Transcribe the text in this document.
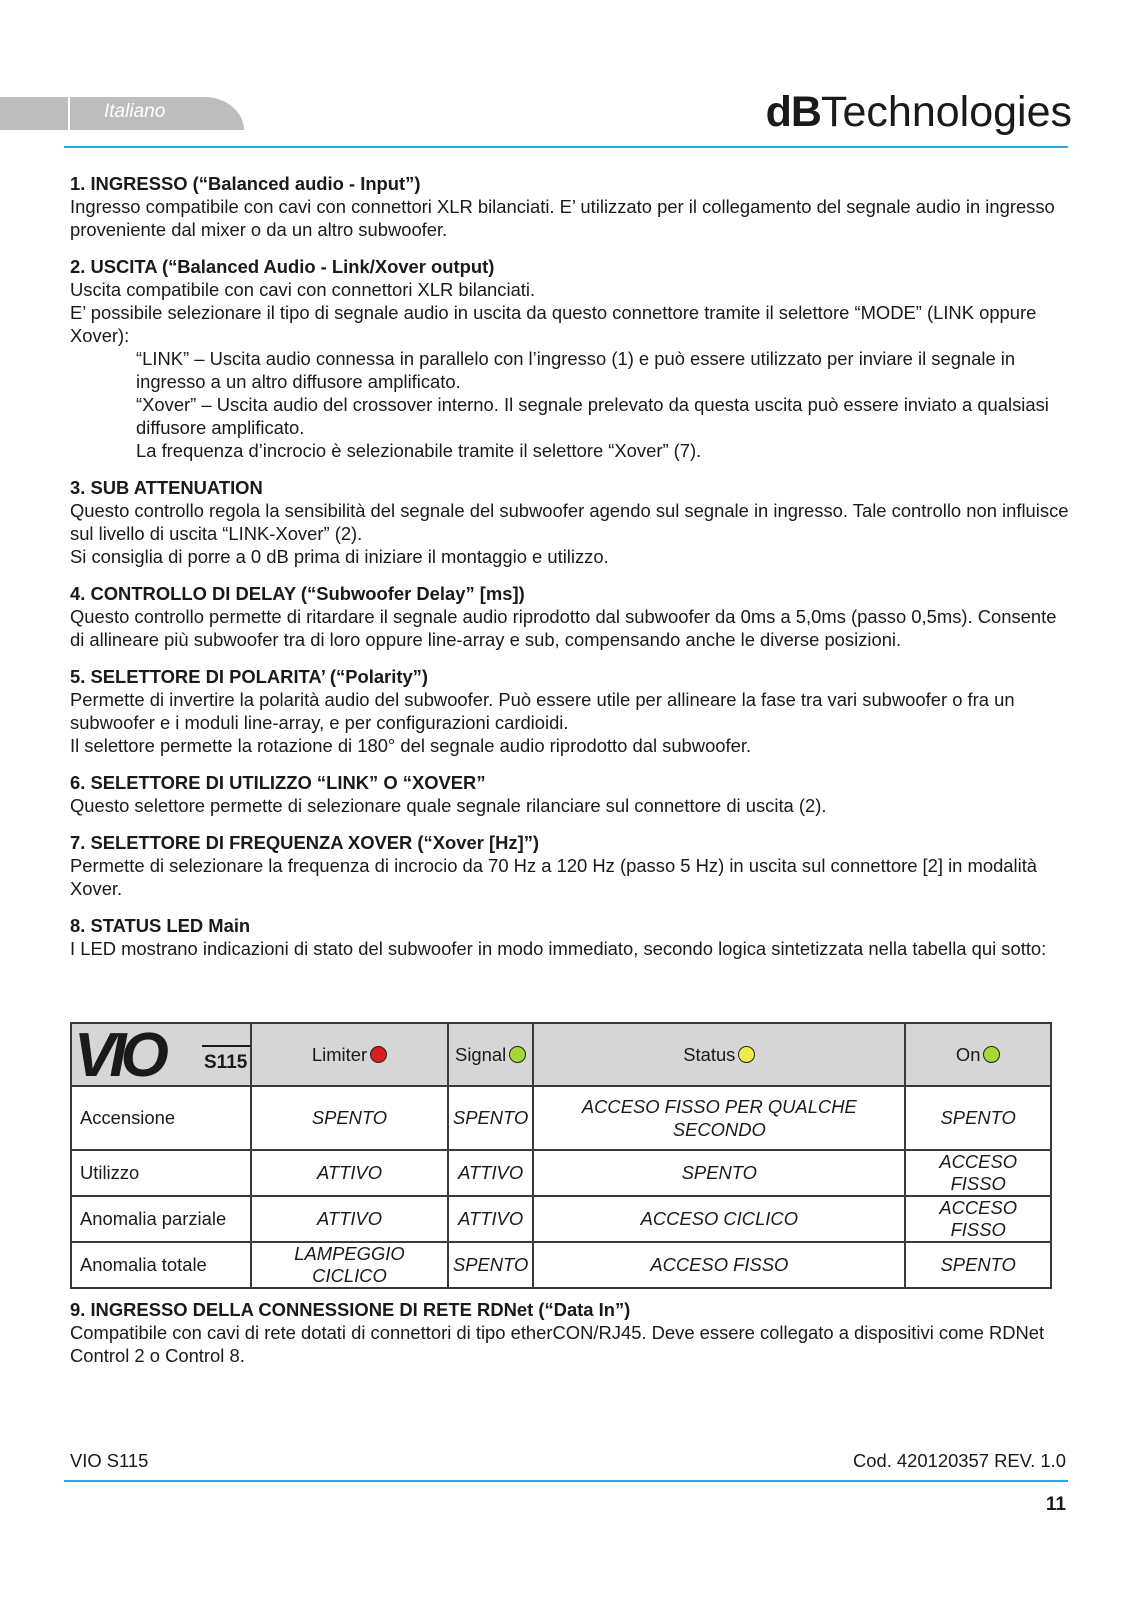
Italiano	dBTechnologies
1. INGRESSO (“Balanced audio - Input”)

Ingresso compatibile con cavi con connettori XLR bilanciati. E’ utilizzato per il collegamento del segnale audio in ingresso proveniente dal mixer o da un altro subwoofer.

2. USCITA (“Balanced Audio - Link/Xover output)

Uscita compatibile con cavi con connettori XLR bilanciati.

E’ possibile selezionare il tipo di segnale audio in uscita da questo connettore tramite il selettore “MODE” (LINK oppure Xover):

“LINK” – Uscita audio connessa in parallelo con l’ingresso (1) e può essere utilizzato per inviare il segnale in ingresso a un altro diffusore amplificato.

“Xover” – Uscita audio del crossover interno. Il segnale prelevato da questa uscita può essere inviato a qualsiasi diffusore amplificato.

La frequenza d’incrocio è selezionabile tramite il selettore “Xover” (7).

3. SUB ATTENUATION

Questo controllo regola la sensibilità del segnale del subwoofer agendo sul segnale in ingresso. Tale controllo non influisce sul livello di uscita “LINK-Xover” (2).

Si consiglia di porre a 0 dB prima di iniziare il montaggio e utilizzo.

4. CONTROLLO DI DELAY (“Subwoofer Delay” [ms])

Questo controllo permette di ritardare il segnale audio riprodotto dal subwoofer da 0ms a 5,0ms (passo 0,5ms). Consente di allineare più subwoofer tra di loro oppure line-array e sub, compensando anche le diverse posizioni.

5. SELETTORE DI POLARITA’ (“Polarity”)

Permette di invertire la polarità audio del subwoofer. Può essere utile per allineare la fase tra vari subwoofer o fra un subwoofer e i moduli line-array, e per configurazioni cardioidi.

Il selettore permette la rotazione di 180° del segnale audio riprodotto dal subwoofer.

6. SELETTORE DI UTILIZZO “LINK” O “XOVER”

Questo selettore permette di selezionare quale segnale rilanciare sul connettore di uscita (2).

7. SELETTORE DI FREQUENZA XOVER (“Xover [Hz]”)

Permette di selezionare la frequenza di incrocio da 70 Hz a 120 Hz (passo 5 Hz) in uscita sul connettore [2] in modalità Xover.

8. STATUS LED Main

I LED mostrano indicazioni di stato del subwoofer in modo immediato, secondo logica sintetizzata nella tabella qui sotto:

VIO S115	Limiter	Signal	Status	On
Accensione	SPENTO	SPENTO	ACCESO FISSO PER QUALCHE SECONDO	SPENTO
Utilizzo	ATTIVO	ATTIVO	SPENTO	ACCESO FISSO
Anomalia parziale	ATTIVO	ATTIVO	ACCESO CICLICO	ACCESO FISSO
Anomalia totale	LAMPEGGIO CICLICO	SPENTO	ACCESO FISSO	SPENTO
9. INGRESSO DELLA CONNESSIONE DI RETE RDNet (“Data In”)

Compatibile con cavi di rete dotati di connettori di tipo etherCON/RJ45. Deve essere collegato a dispositivi come RDNet Control 2 o Control 8.

VIO S115	Cod. 420120357 REV. 1.0
11
